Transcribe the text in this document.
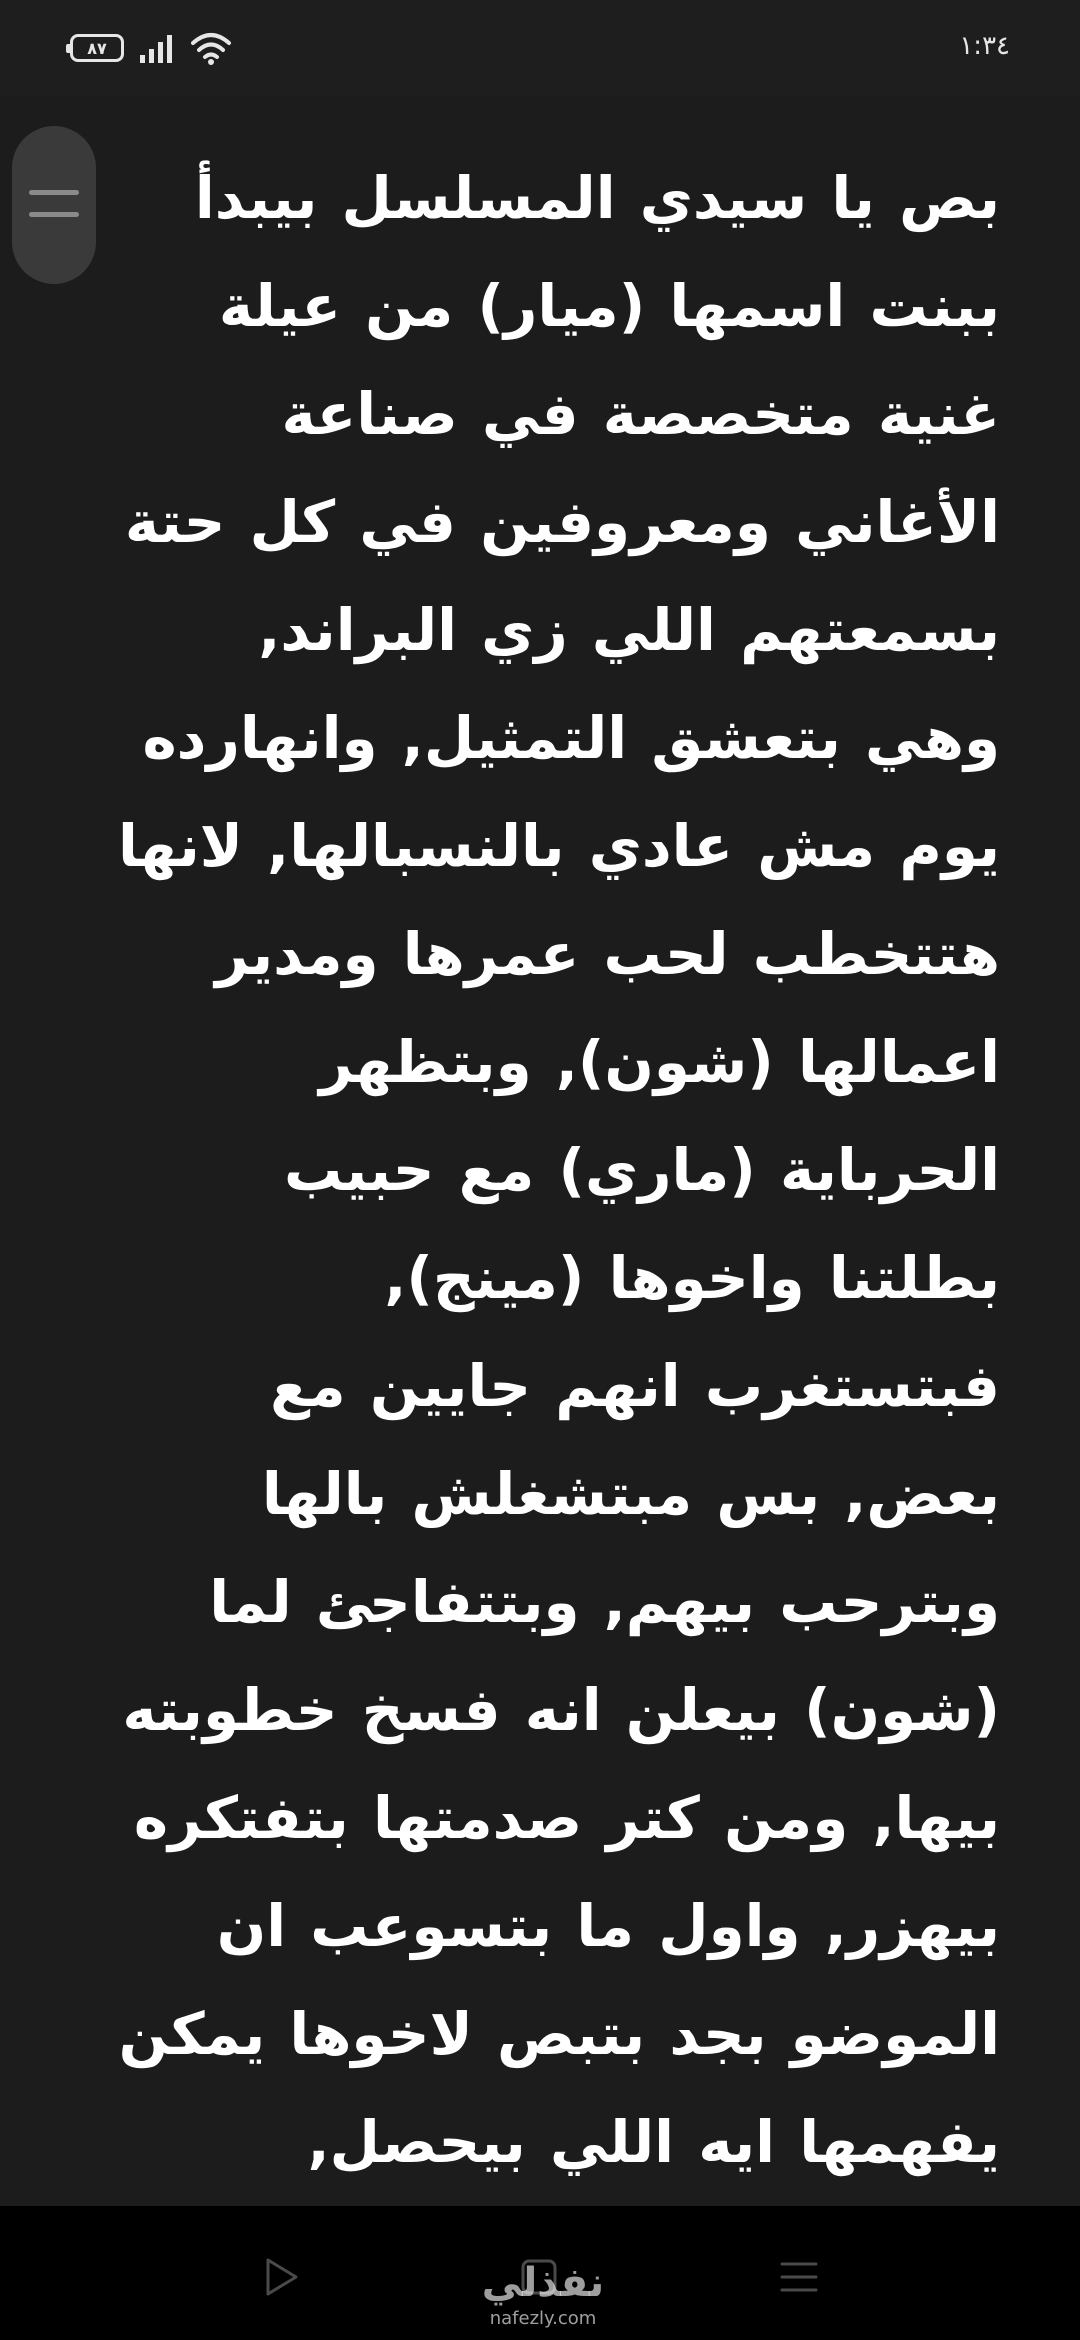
٨٧	١:٣٤

بص يا سيدي المسلسل بيبدأ ببنت اسمها (ميار) من عيلة غنية متخصصة في صناعة الأغاني ومعروفين في كل حتة بسمعتهم اللي زي البراند, وهي بتعشق التمثيل, وانهارده يوم مش عادي بالنسبالها, لانها هتتخطب لحب عمرها ومدير اعمالها (شون), وبتظهر الحرباية (ماري) مع حبيب بطلتنا واخوها (مينج), فبتستغرب انهم جايين مع بعض, بس مبتشغلش بالها وبترحب بيهم, وبتتفاجئ لما (شون) بيعلن انه فسخ خطوبته بيها, ومن كتر صدمتها بتفتكره بيهزر, واول ما بتسوعب ان الموضو بجد بتبص لاخوها يمكن يفهمها ايه اللي بيحصل,

نفذلي
nafezly.com
